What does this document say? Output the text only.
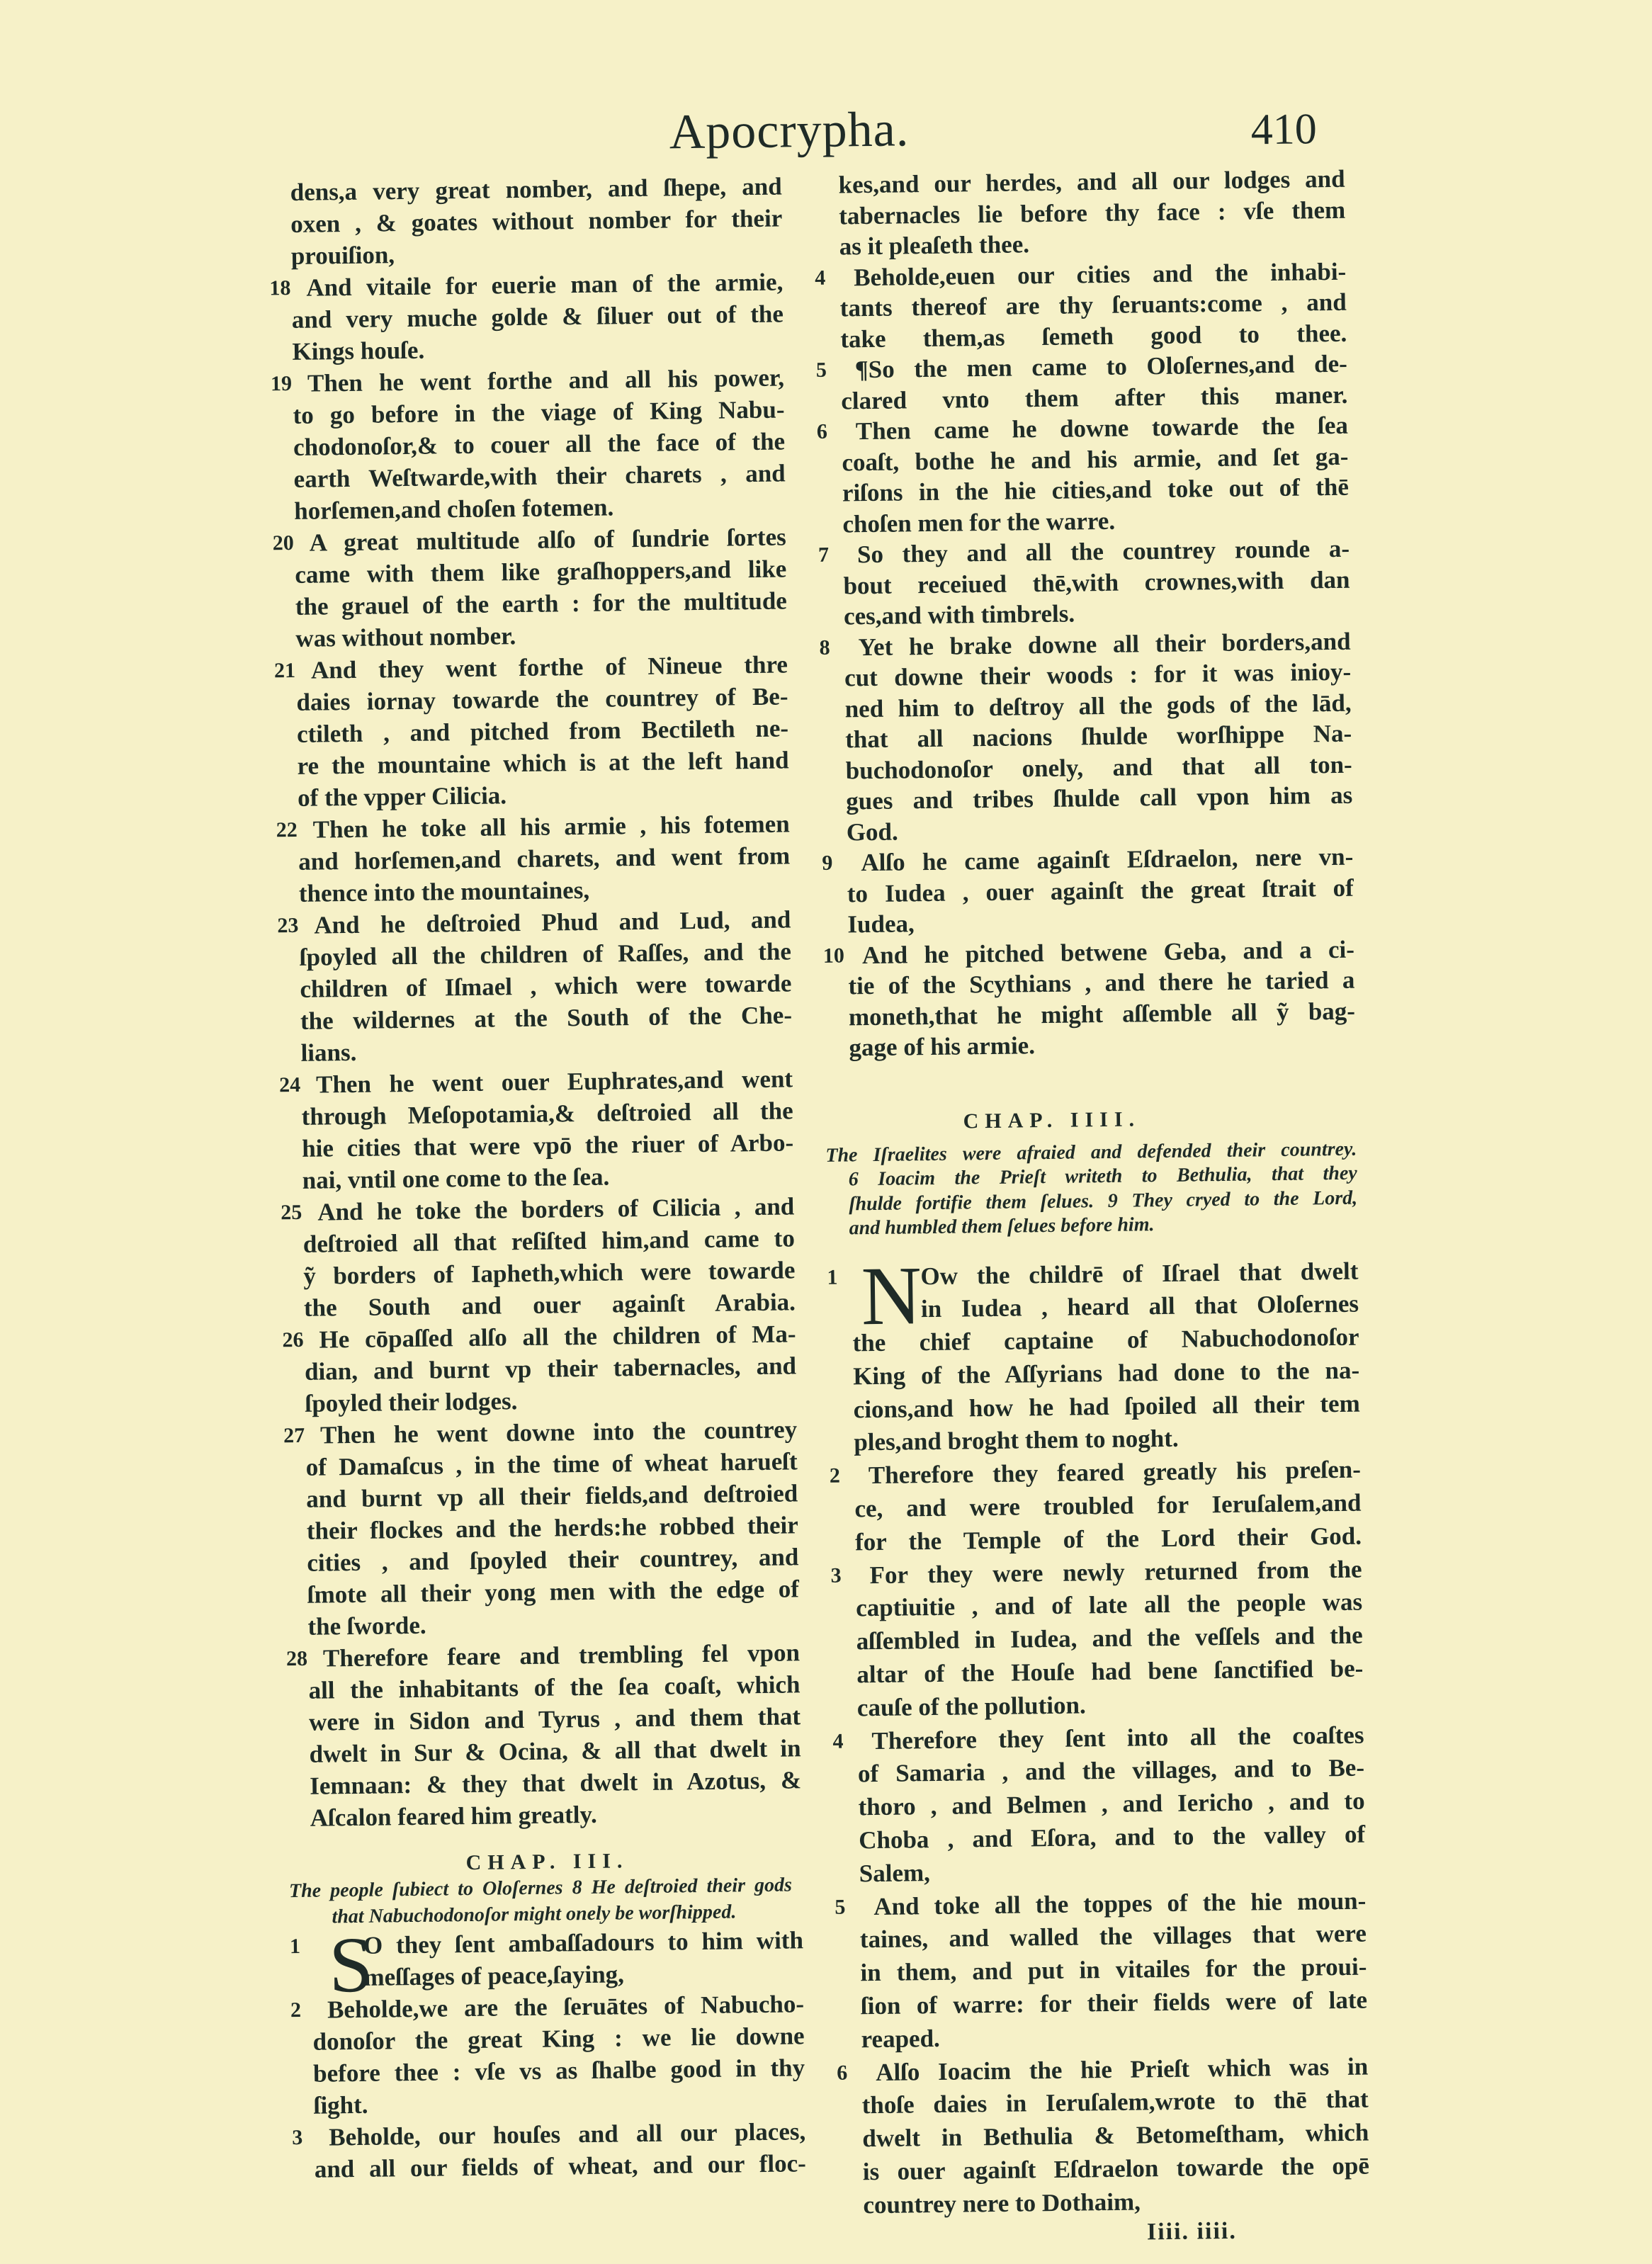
Apocrypha.	410
dens,a very great nomber, and ſhepe, and
oxen , & goates without nomber for their
prouiſion,
18 And vitaile for euerie man of the armie,
and very muche golde & ſiluer out of the
Kings houſe.
19 Then he went forthe and all his power,
to go before in the viage of King Nabu-
chodonoſor,& to couer all the face of the
earth Weſtwarde,with their charets , and
horſemen,and choſen fotemen.
20 A great multitude alſo of ſundrie ſortes
came with them like graſhoppers,and like
the grauel of the earth : for the multitude
was without nomber.
21 And they went forthe of Nineue thre
daies iornay towarde the countrey of Be-
ctileth , and pitched from Bectileth ne-
re the mountaine which is at the left hand
of the vpper Cilicia.
22 Then he toke all his armie , his fotemen
and horſemen,and charets, and went from
thence into the mountaines,
23 And he deſtroied Phud and Lud, and
ſpoyled all the children of Raſſes, and the
children of Iſmael , which were towarde
the wildernes at the South of the Che-
lians.
24 Then he went ouer Euphrates,and went
through Meſopotamia,& deſtroied all the
hie cities that were vpō the riuer of Arbo-
nai, vntil one come to the ſea.
25 And he toke the borders of Cilicia , and
deſtroied all that reſiſted him,and came to
ỹ borders of Iapheth,which were towarde
the South and ouer againſt Arabia.
26 He cōpaſſed alſo all the children of Ma-
dian, and burnt vp their tabernacles, and
ſpoyled their lodges.
27 Then he went downe into the countrey
of Damaſcus , in the time of wheat harueſt
and burnt vp all their fields,and deſtroied
their flockes and the herds:he robbed their
cities , and ſpoyled their countrey, and
ſmote all their yong men with the edge of
the ſworde.
28 Therefore feare and trembling fel vpon
all the inhabitants of the ſea coaſt, which
were in Sidon and Tyrus , and them that
dwelt in Sur & Ocina, & all that dwelt in
Iemnaan: & they that dwelt in Azotus, &
Aſcalon feared him greatly.
CHAP. III.
The people ſubiect to Oloſernes 8 He deſtroied their gods
that Nabuchodonoſor might onely be worſhipped.
1 S
O they ſent ambaſſadours to him with
meſſages of peace,ſaying,
2 Beholde,we are the ſeruātes of Nabucho-
donoſor the great King : we lie downe
before thee : vſe vs as ſhalbe good in thy
ſight.
3 Beholde, our houſes and all our places,
and all our fields of wheat, and our floc-
kes,and our herdes, and all our lodges and
tabernacles lie before thy face : vſe them
as it pleaſeth thee.
4 Beholde,euen our cities and the inhabi-
tants thereof are thy ſeruants:come , and
take them,as ſemeth good to thee.
5 ¶So the men came to Oloſernes,and de-
clared vnto them after this maner.
6 Then came he downe towarde the ſea
coaſt, bothe he and his armie, and ſet ga-
riſons in the hie cities,and toke out of thē
choſen men for the warre.
7 So they and all the countrey rounde a-
bout receiued thē,with crownes,with dan
ces,and with timbrels.
8 Yet he brake downe all their borders,and
cut downe their woods : for it was inioy-
ned him to deſtroy all the gods of the lād,
that all nacions ſhulde worſhippe Na-
buchodonoſor onely, and that all ton-
gues and tribes ſhulde call vpon him as
God.
9 Alſo he came againſt Eſdraelon, nere vn-
to Iudea , ouer againſt the great ſtrait of
Iudea,
10 And he pitched betwene Geba, and a ci-
tie of the Scythians , and there he taried a
moneth,that he might aſſemble all ỹ bag-
gage of his armie.
CHAP. IIII.
The Iſraelites were afraied and defended their countrey.
6 Ioacim the Prieſt writeth to Bethulia, that they
ſhulde fortifie them ſelues. 9 They cryed to the Lord,
and humbled them ſelues before him.
1 N
Ow the childrē of Iſrael that dwelt
in Iudea , heard all that Oloſernes
the chief captaine of Nabuchodonoſor
King of the Aſſyrians had done to the na-
cions,and how he had ſpoiled all their tem
ples,and broght them to noght.
2 Therefore they feared greatly his preſen-
ce, and were troubled for Ieruſalem,and
for the Temple of the Lord their God.
3 For they were newly returned from the
captiuitie , and of late all the people was
aſſembled in Iudea, and the veſſels and the
altar of the Houſe had bene ſanctified be-
cauſe of the pollution.
4 Therefore they ſent into all the coaſtes
of Samaria , and the villages, and to Be-
thoro , and Belmen , and Iericho , and to
Choba , and Eſora, and to the valley of
Salem,
5 And toke all the toppes of the hie moun-
taines, and walled the villages that were
in them, and put in vitailes for the proui-
ſion of warre: for their fields were of late
reaped.
6 Alſo Ioacim the hie Prieſt which was in
thoſe daies in Ieruſalem,wrote to thē that
dwelt in Bethulia & Betomeſtham, which
is ouer againſt Eſdraelon towarde the opē
countrey nere to Dothaim,
Iiii. iiii.
